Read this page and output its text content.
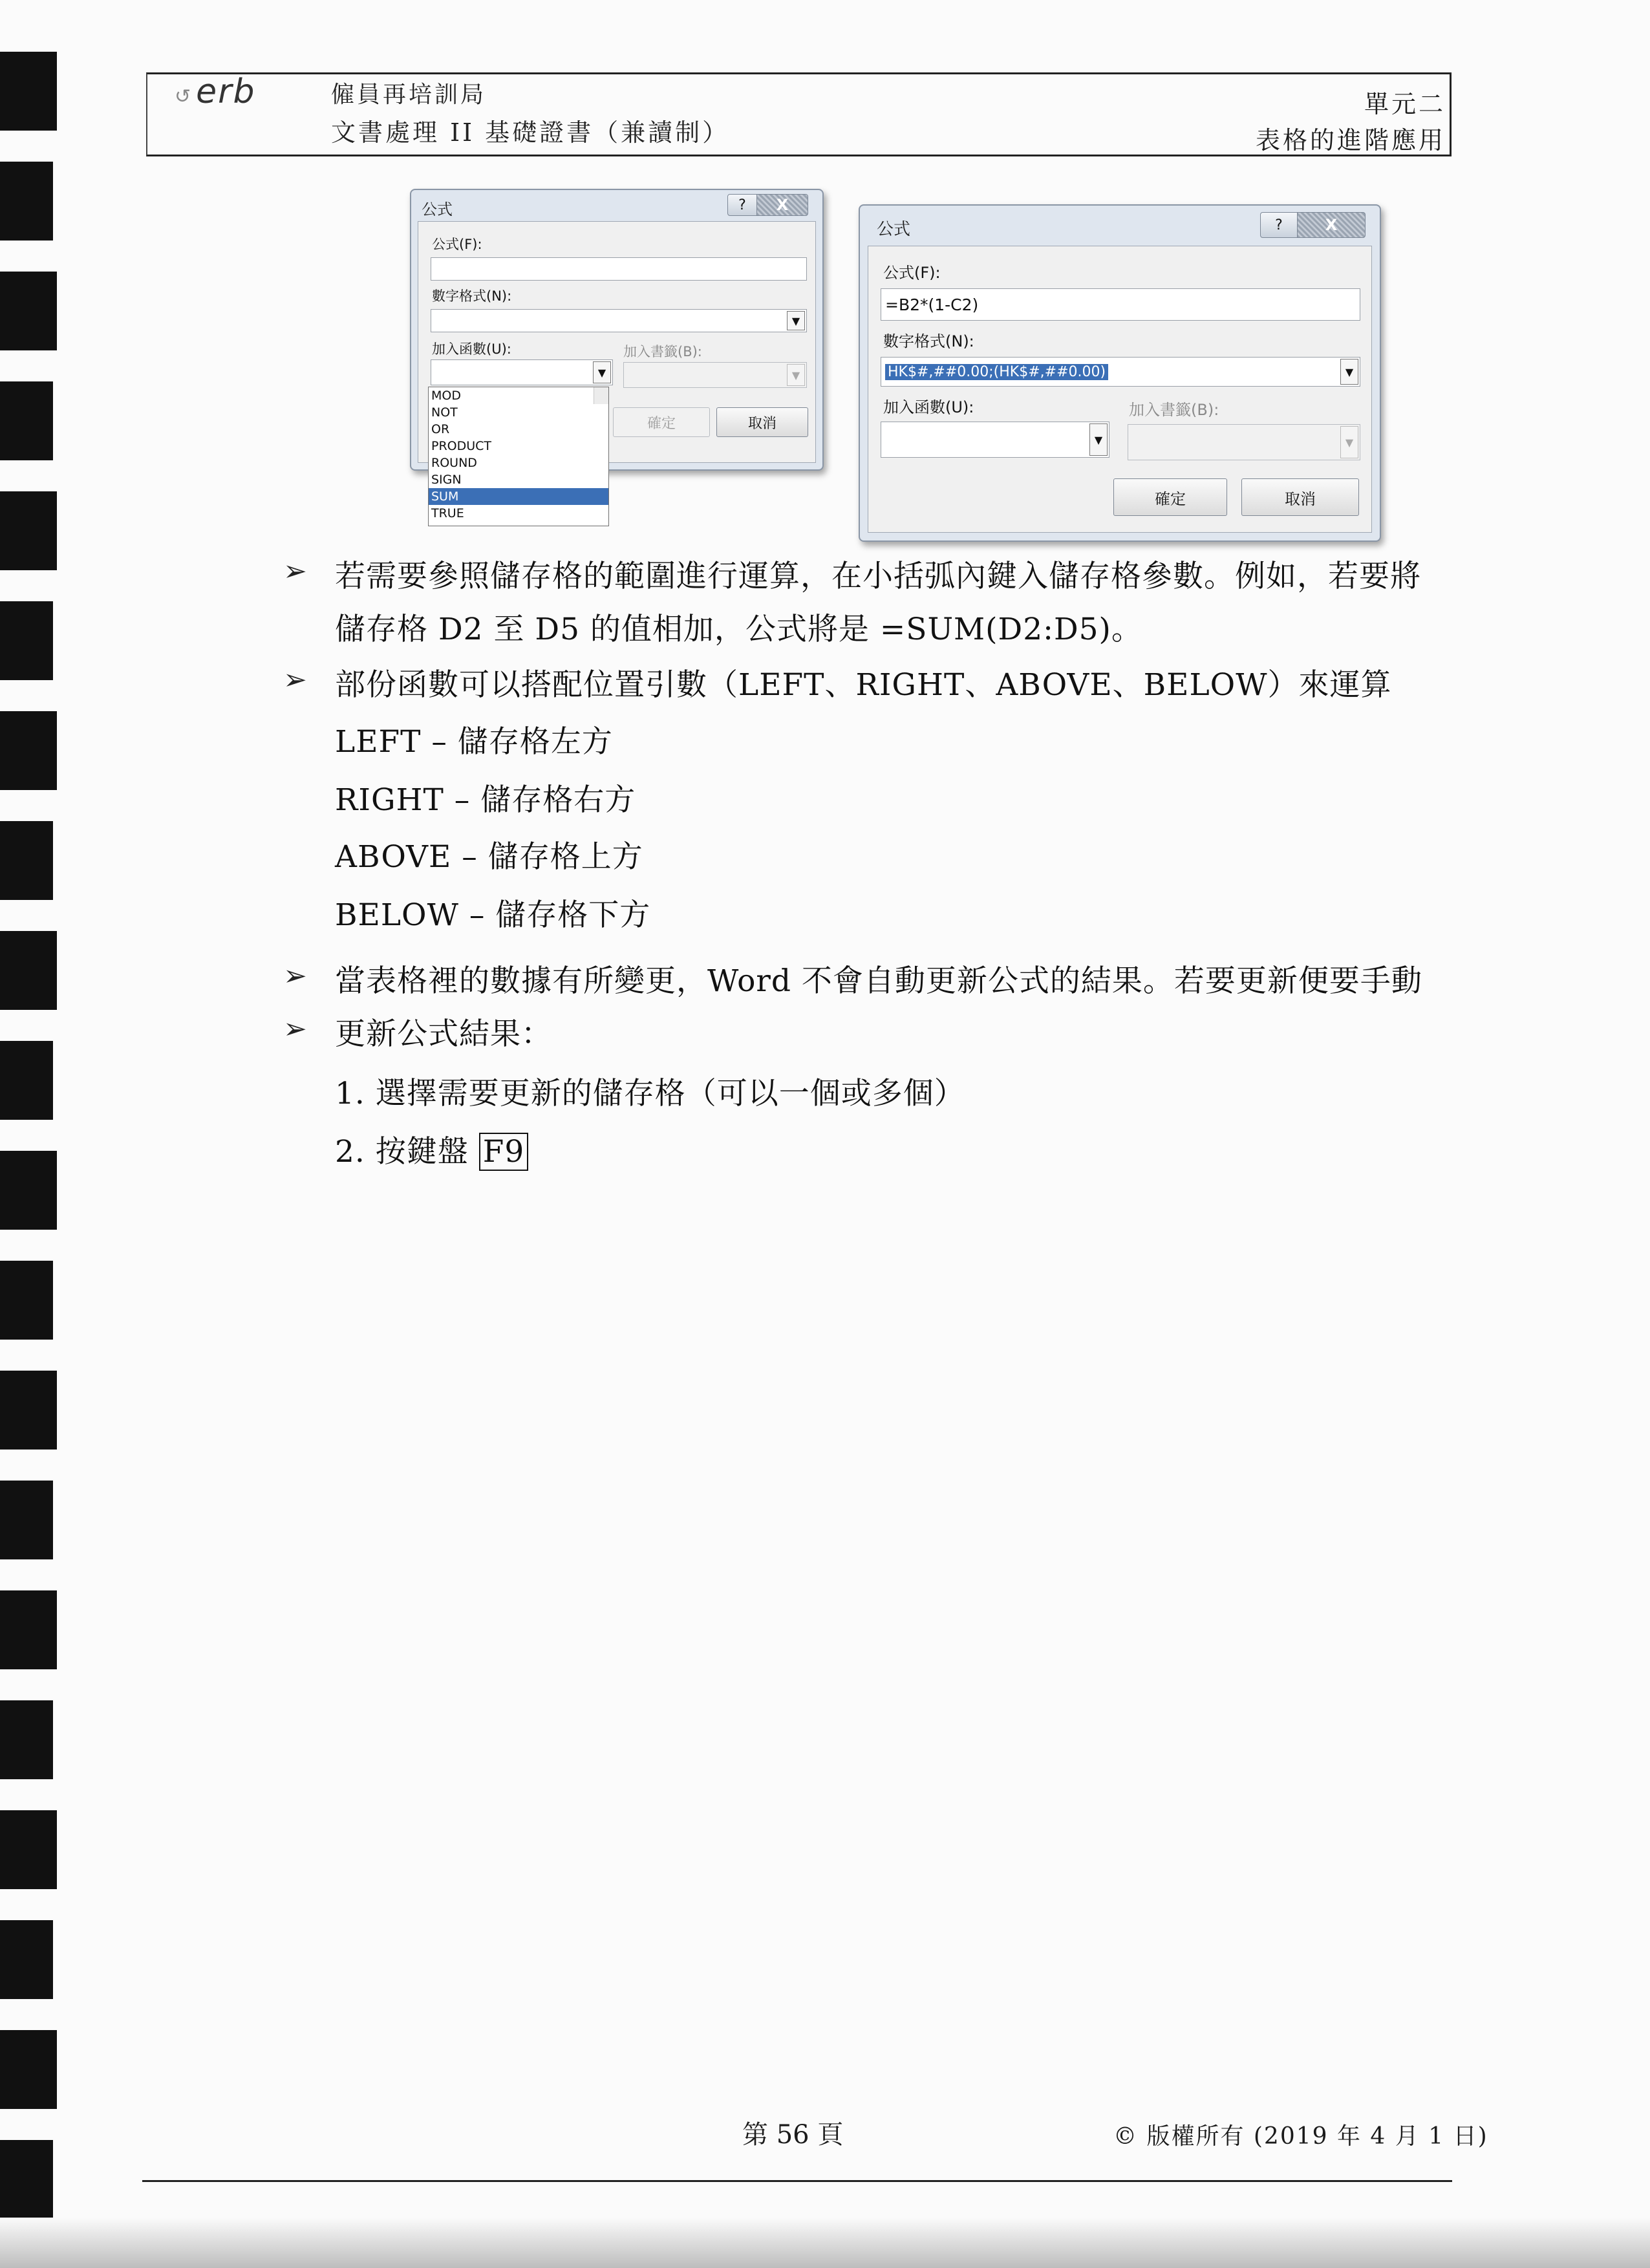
↺ erb	僱員再培訓局
文書處理 II 基礎證書（兼讀制）
單元二
表格的進階應用
公式	?	X
公式(F):
數字格式(N):
▼
加入函數(U):	加入書籤(B):
▼	▼
確定	取消
MOD
NOT
OR
PRODUCT
ROUND
SIGN
SUM
TRUE
公式	?	X
公式(F):
=B2*(1-C2)
數字格式(N):
HK$#,##0.00;(HK$#,##0.00)	▼
加入函數(U):	加入書籤(B):
▼	▼
確定	取消
➢ 若需要參照儲存格的範圍進行運算，在小括弧內鍵入儲存格參數。例如，若要將
儲存格 D2 至 D5 的值相加，公式將是 =SUM(D2:D5)。
➢ 部份函數可以搭配位置引數（LEFT、RIGHT、ABOVE、BELOW）來運算
LEFT – 儲存格左方
RIGHT – 儲存格右方
ABOVE – 儲存格上方
BELOW – 儲存格下方
➢ 當表格裡的數據有所變更，Word 不會自動更新公式的結果。若要更新便要手動
➢ 更新公式結果：
1. 選擇需要更新的儲存格（可以一個或多個）
2. 按鍵盤 F9
第 56 頁	© 版權所有 (2019 年 4 月 1 日)
